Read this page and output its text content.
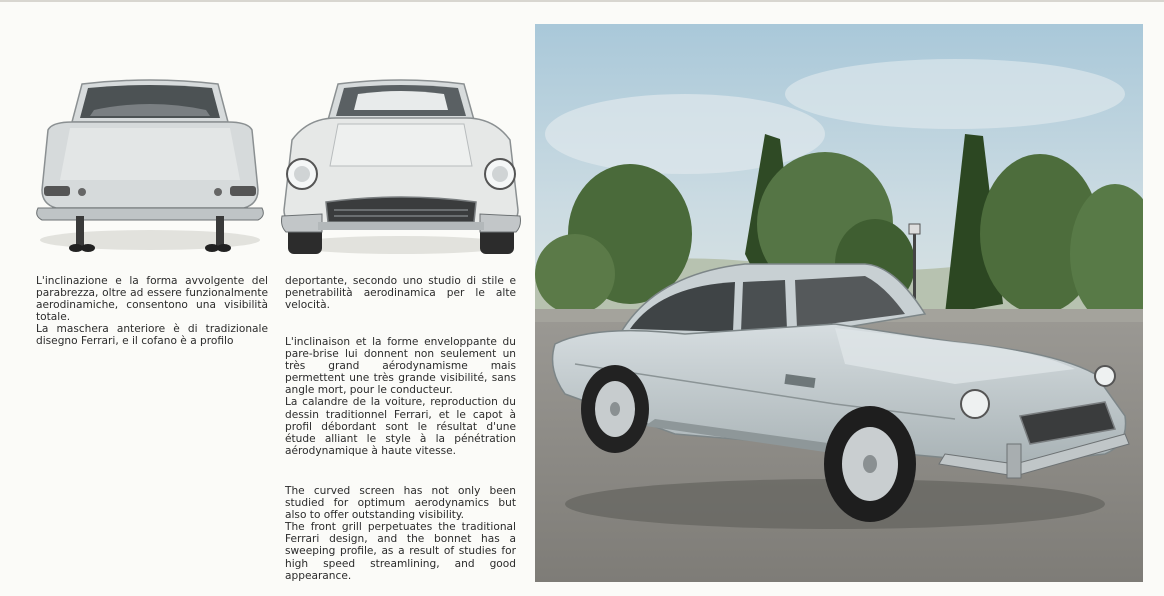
L'inclinazione e la forma avvolgente del parabrezza, oltre ad essere funzionalmente aerodinamiche, consentono una visibilità totale.

La maschera anteriore è di tradizionale disegno Ferrari, e il cofano è a profilo

deportante, secondo uno studio di stile e penetrabilità aerodinamica per le alte velocità.

L'inclinaison et la forme enveloppante du pare-brise lui donnent non seulement un très grand aérodynamisme mais permettent une très grande visibilité, sans angle mort, pour le conducteur.

La calandre de la voiture, reproduction du dessin traditionnel Ferrari, et le capot à profil débordant sont le résultat d'une étude alliant le style à la pénétration aérodynamique à haute vitesse.

The curved screen has not only been studied for optimum aerodynamics but also to offer outstanding visibility.

The front grill perpetuates the traditional Ferrari design, and the bonnet has a sweeping profile, as a result of studies for high speed streamlining, and good appearance.
